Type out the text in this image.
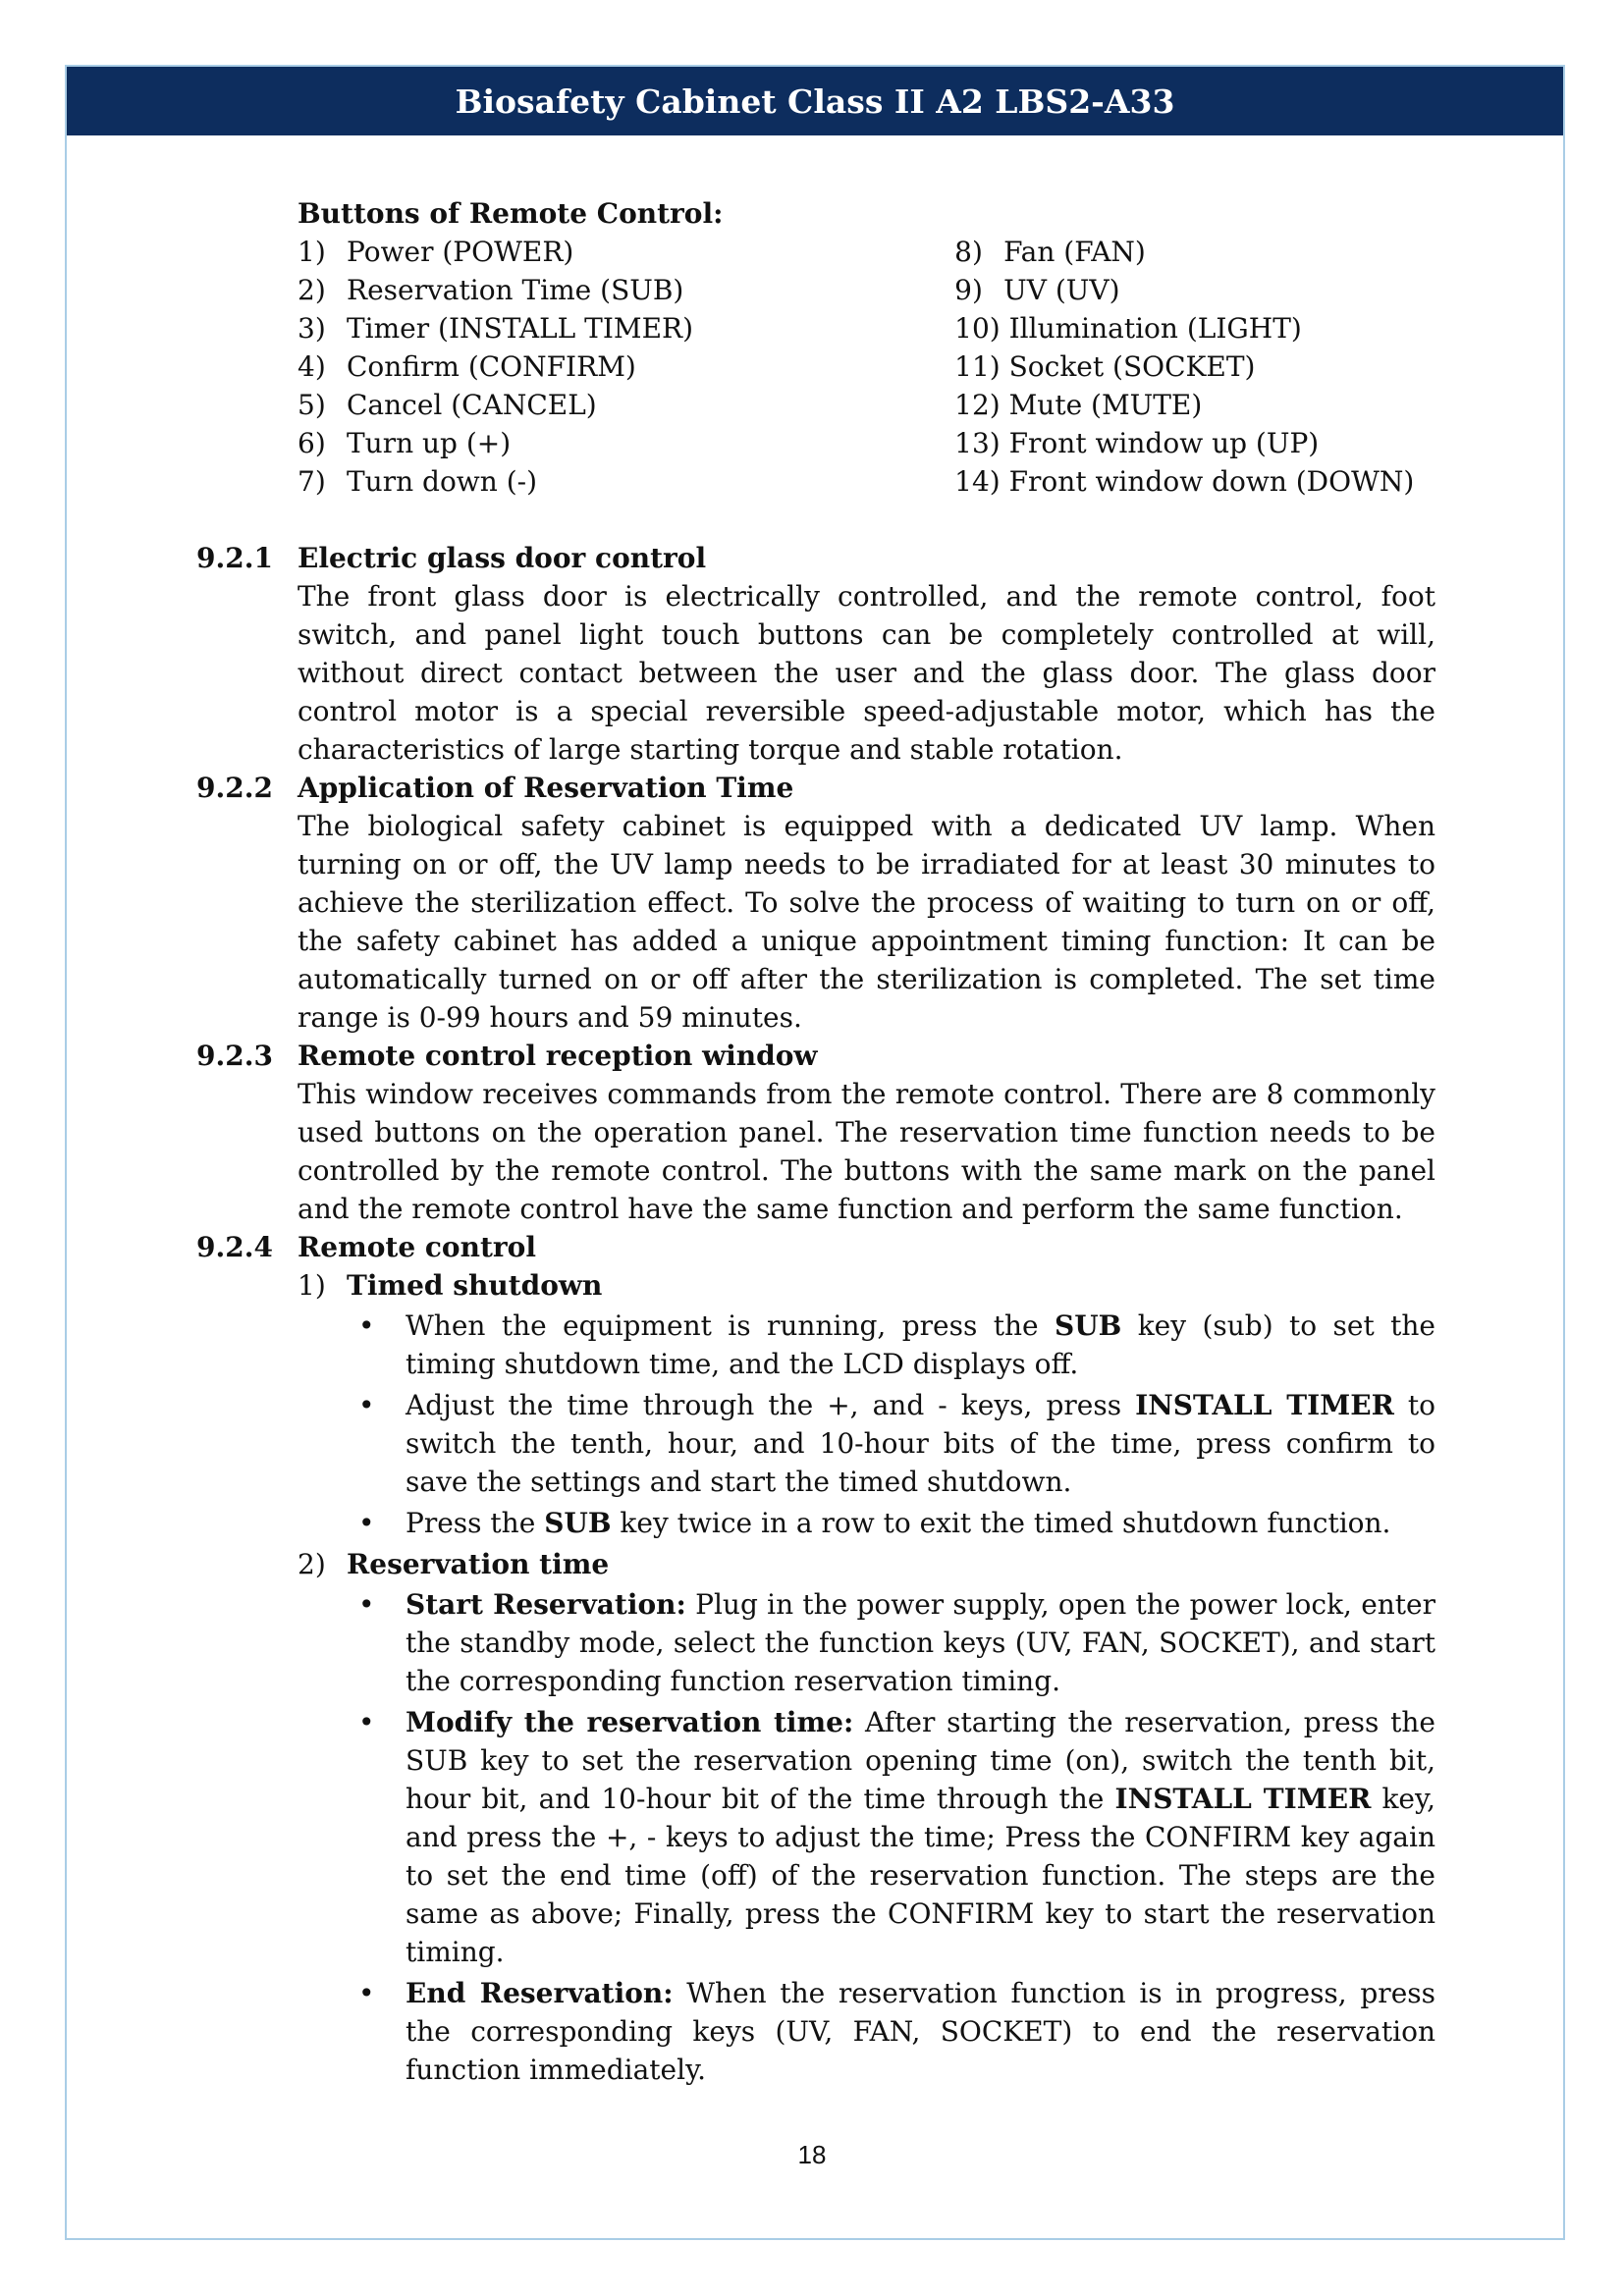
Biosafety Cabinet Class II A2 LBS2-A33
Buttons of Remote Control:
1) Power (POWER)
2) Reservation Time (SUB)
3) Timer (INSTALL TIMER)
4) Confirm (CONFIRM)
5) Cancel (CANCEL)
6) Turn up (+)
7) Turn down (-)
8) Fan (FAN)
9) UV (UV)
10) Illumination (LIGHT)
11) Socket (SOCKET)
12) Mute (MUTE)
13) Front window up (UP)
14) Front window down (DOWN)
9.2.1 Electric glass door control
The front glass door is electrically controlled, and the remote control, foot switch, and panel light touch buttons can be completely controlled at will, without direct contact between the user and the glass door. The glass door control motor is a special reversible speed-adjustable motor, which has the characteristics of large starting torque and stable rotation.
9.2.2 Application of Reservation Time
The biological safety cabinet is equipped with a dedicated UV lamp. When turning on or off, the UV lamp needs to be irradiated for at least 30 minutes to achieve the sterilization effect. To solve the process of waiting to turn on or off, the safety cabinet has added a unique appointment timing function: It can be automatically turned on or off after the sterilization is completed. The set time range is 0-99 hours and 59 minutes.
9.2.3 Remote control reception window
This window receives commands from the remote control. There are 8 commonly used buttons on the operation panel. The reservation time function needs to be controlled by the remote control. The buttons with the same mark on the panel and the remote control have the same function and perform the same function.
9.2.4 Remote control
1) Timed shutdown
• When the equipment is running, press the SUB key (sub) to set the timing shutdown time, and the LCD displays off.
• Adjust the time through the +, and - keys, press INSTALL TIMER to switch the tenth, hour, and 10-hour bits of the time, press confirm to save the settings and start the timed shutdown.
• Press the SUB key twice in a row to exit the timed shutdown function.
2) Reservation time
• Start Reservation: Plug in the power supply, open the power lock, enter the standby mode, select the function keys (UV, FAN, SOCKET), and start the corresponding function reservation timing.
• Modify the reservation time: After starting the reservation, press the SUB key to set the reservation opening time (on), switch the tenth bit, hour bit, and 10-hour bit of the time through the INSTALL TIMER key, and press the +, - keys to adjust the time; Press the CONFIRM key again to set the end time (off) of the reservation function. The steps are the same as above; Finally, press the CONFIRM key to start the reservation timing.
• End Reservation: When the reservation function is in progress, press the corresponding keys (UV, FAN, SOCKET) to end the reservation function immediately.
18
